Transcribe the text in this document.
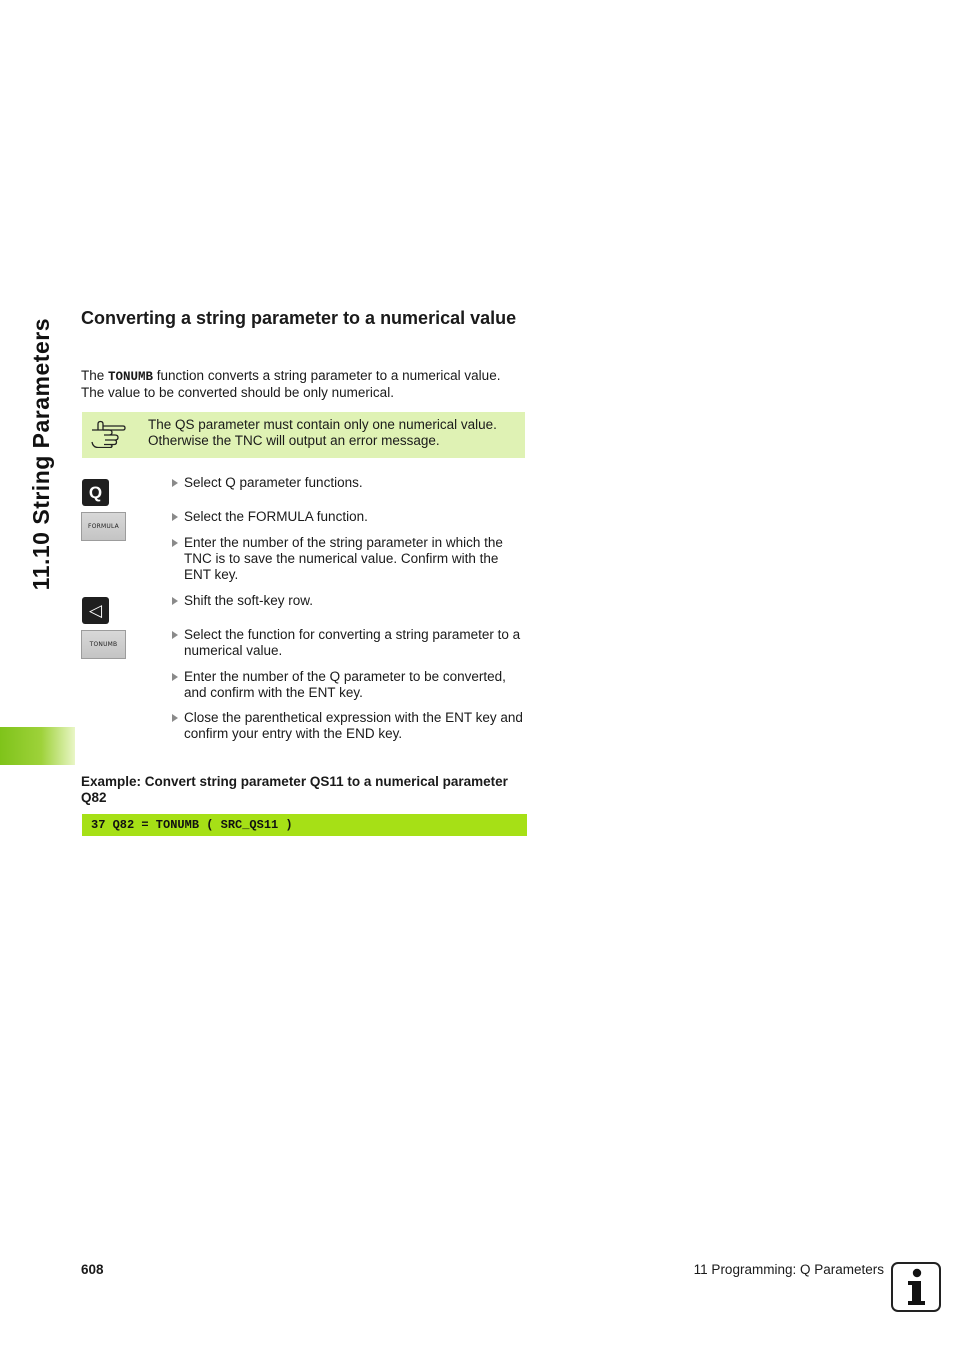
11.10 String Parameters Converting a string parameter to a numerical value

The TONUMB function converts a string parameter to a numerical value. The value to be converted should be only numerical.

The QS parameter must contain only one numerical value. Otherwise the TNC will output an error message.
Q
FORMULA
◁
TONUMB
Select Q parameter functions.
Select the FORMULA function.
Enter the number of the string parameter in which the TNC is to save the numerical value. Confirm with the ENT key.
Shift the soft-key row.
Select the function for converting a string parameter to a numerical value.
Enter the number of the Q parameter to be converted, and confirm with the ENT key.
Close the parenthetical expression with the ENT key and confirm your entry with the END key.
Example: Convert string parameter QS11 to a numerical parameter Q82
37 Q82 = TONUMB ( SRC_QS11 )
608	11 Programming: Q Parameters
